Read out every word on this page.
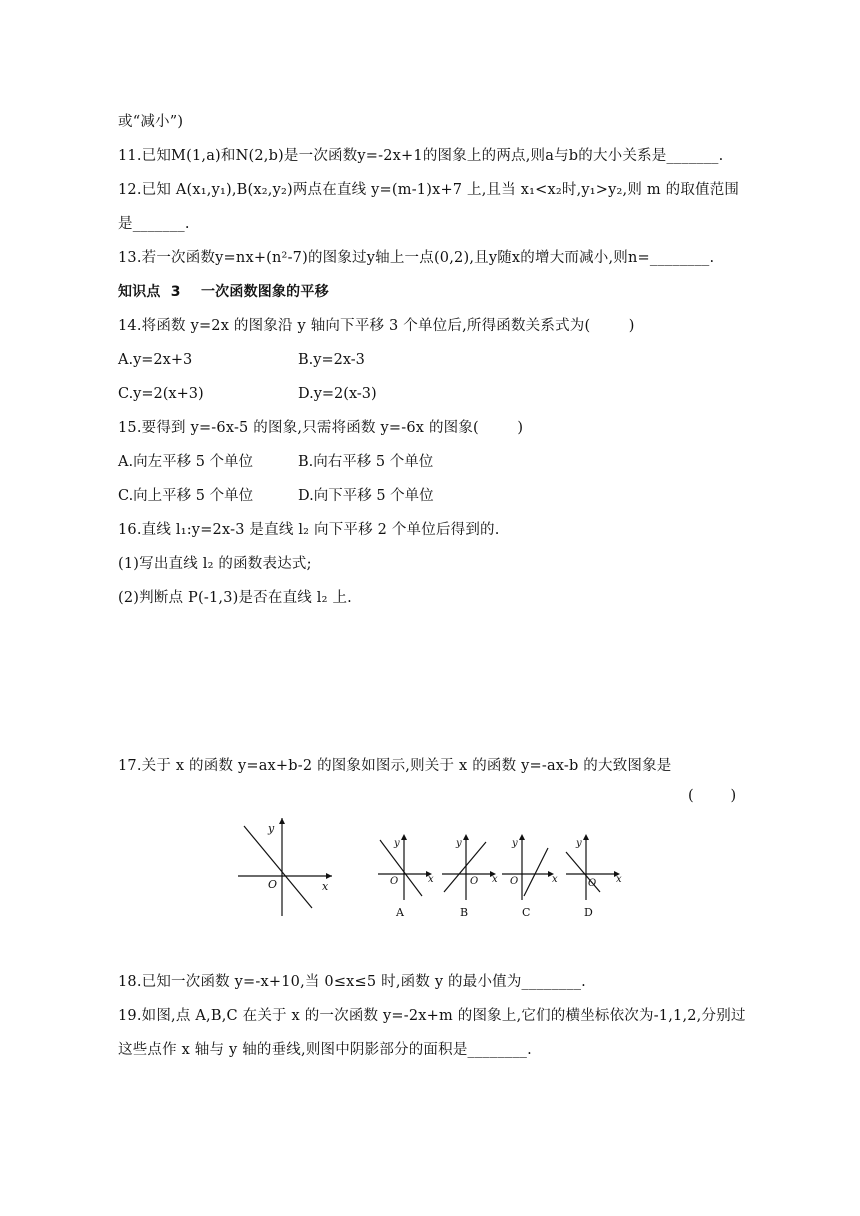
或“减小”)
11.已知M(1,a)和N(2,b)是一次函数y=-2x+1的图象上的两点,则a与b的大小关系是_______.
12.已知 A(x₁,y₁),B(x₂,y₂)两点在直线 y=(m-1)x+7 上,且当 x₁<x₂时,y₁>y₂,则 m 的取值范围
是_______.
13.若一次函数y=nx+(n²-7)的图象过y轴上一点(0,2),且y随x的增大而减小,则n=________.
知识点  3    一次函数图象的平移
14.将函数 y=2x 的图象沿 y 轴向下平移 3 个单位后,所得函数关系式为(        )
A.y=2x+3	B.y=2x-3
C.y=2(x+3)	D.y=2(x-3)
15.要得到 y=-6x-5 的图象,只需将函数 y=-6x 的图象(        )
A.向左平移 5 个单位	B.向右平移 5 个单位
C.向上平移 5 个单位	D.向下平移 5 个单位
16.直线 l₁:y=2x-3 是直线 l₂ 向下平移 2 个单位后得到的.
(1)写出直线 l₂ 的函数表达式;
(2)判断点 P(-1,3)是否在直线 l₂ 上.
17.关于 x 的函数 y=ax+b-2 的图象如图示,则关于 x 的函数 y=-ax-b 的大致图象是
(        )
y
O	x
y
O	x
A
y
O x
B
y
O	x
C
y
O x
D
18.已知一次函数 y=-x+10,当 0≤x≤5 时,函数 y 的最小值为________.
19.如图,点 A,B,C 在关于 x 的一次函数 y=-2x+m 的图象上,它们的横坐标依次为-1,1,2,分别过
这些点作 x 轴与 y 轴的垂线,则图中阴影部分的面积是________.
